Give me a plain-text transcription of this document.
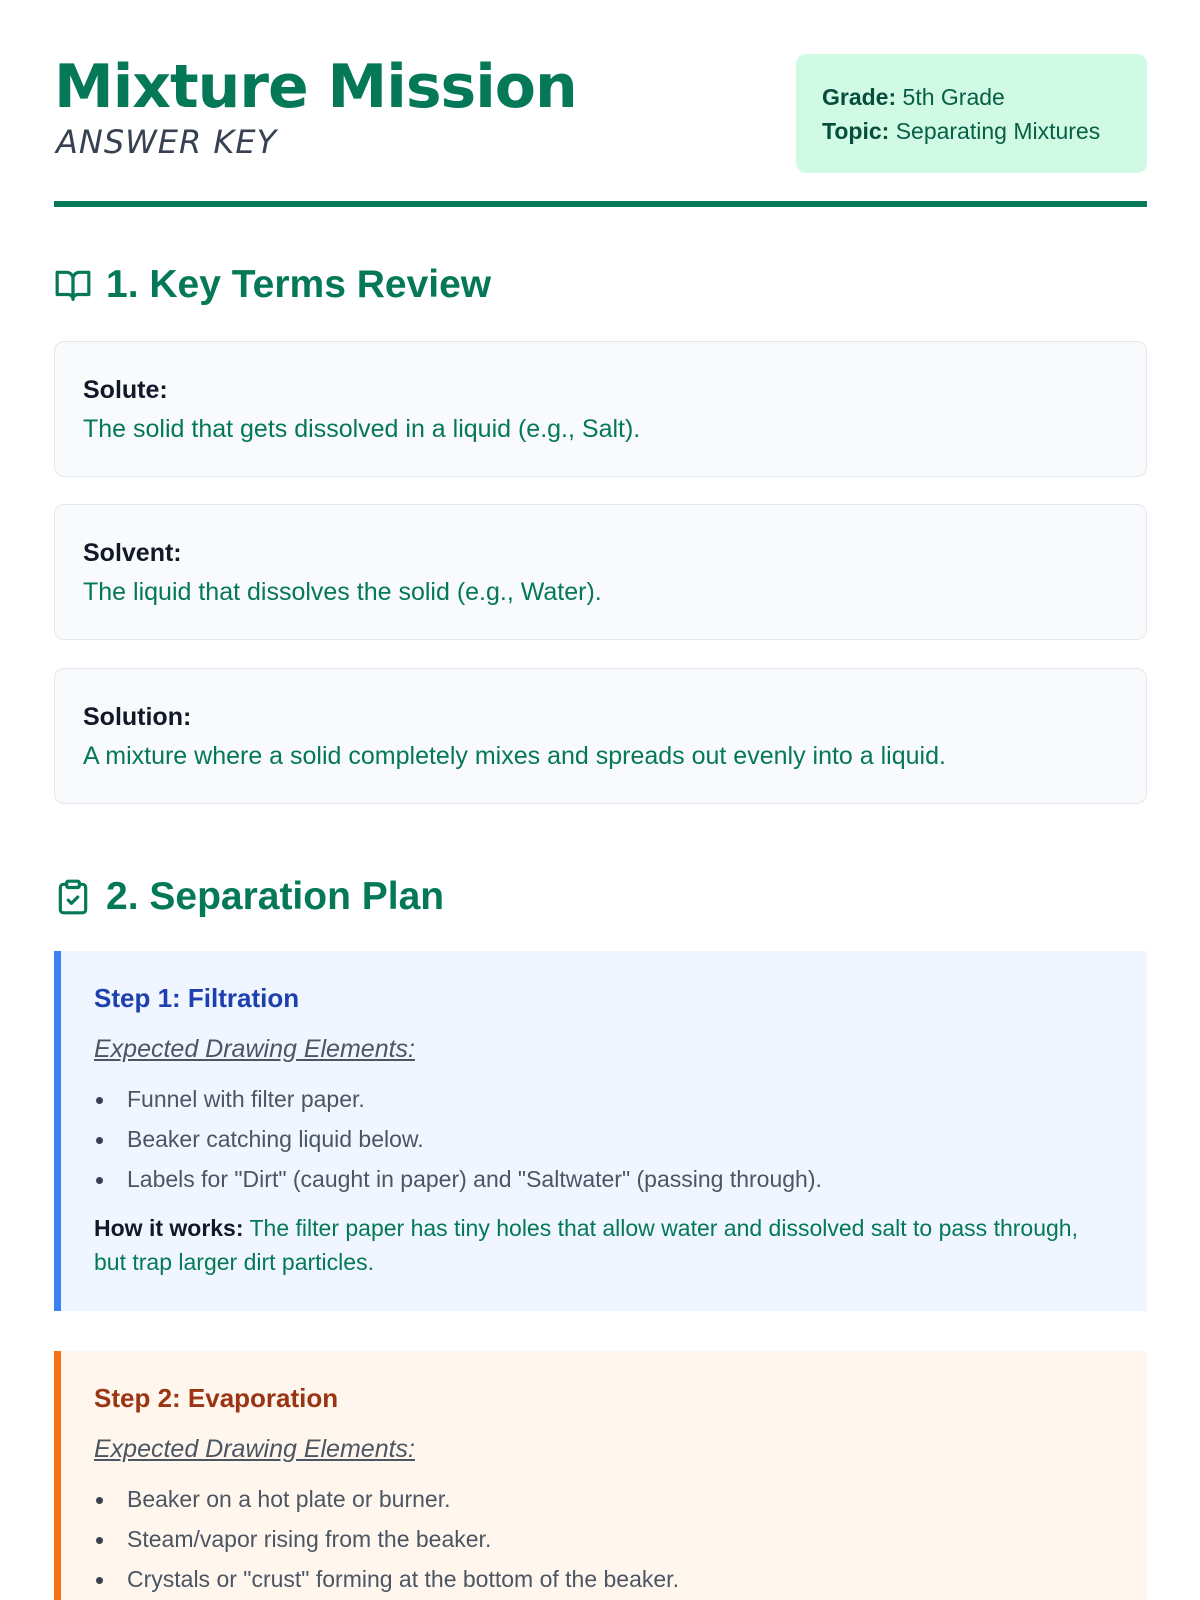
Mixture Mission
ANSWER KEY
Grade: 5th Grade
Topic: Separating Mixtures
1. Key Terms Review
Solute:
The solid that gets dissolved in a liquid (e.g., Salt).
Solvent:
The liquid that dissolves the solid (e.g., Water).
Solution:
A mixture where a solid completely mixes and spreads out evenly into a liquid.
2. Separation Plan
Step 1: Filtration
Expected Drawing Elements:
Funnel with filter paper.
Beaker catching liquid below.
Labels for "Dirt" (caught in paper) and "Saltwater" (passing through).
How it works: The filter paper has tiny holes that allow water and dissolved salt to pass through, but trap larger dirt particles.
Step 2: Evaporation
Expected Drawing Elements:
Beaker on a hot plate or burner.
Steam/vapor rising from the beaker.
Crystals or "crust" forming at the bottom of the beaker.
